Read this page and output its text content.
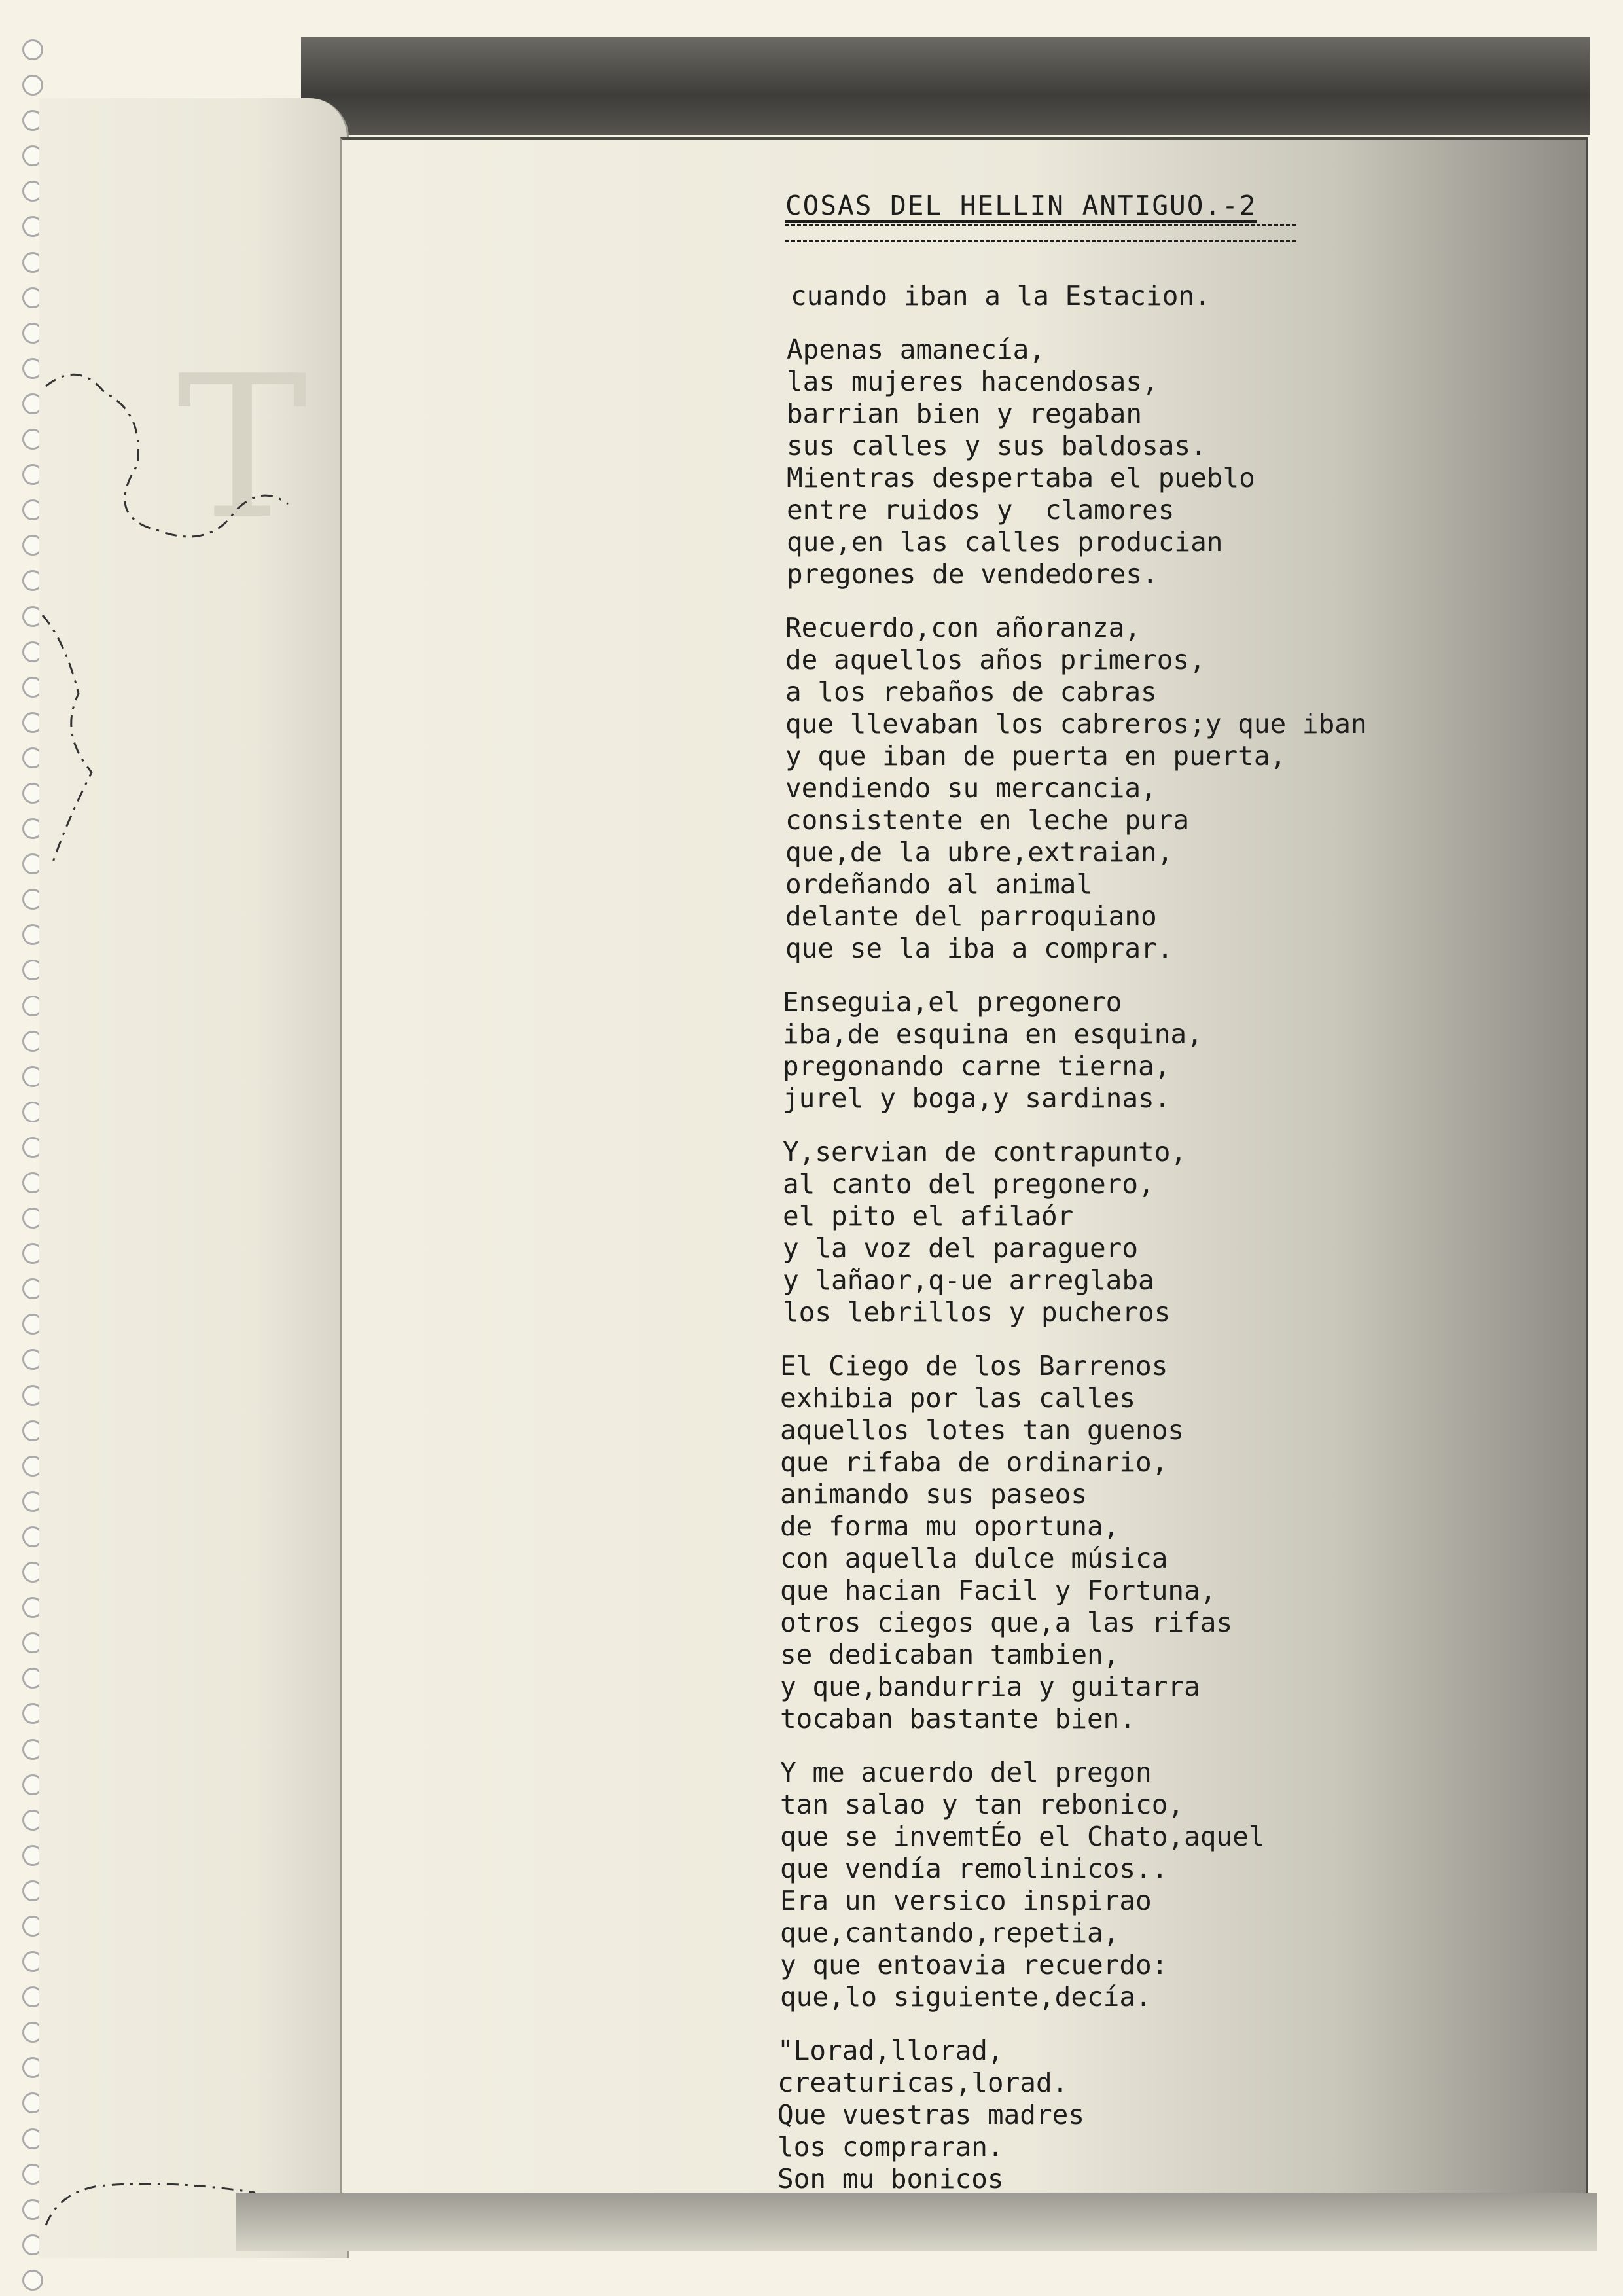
T
COSAS DEL HELLIN ANTIGUO.-2
cuando iban a la Estacion.
Apenas amanecía,
las mujeres hacendosas,
barrian bien y regaban
sus calles y sus baldosas.
Mientras despertaba el pueblo
entre ruidos y  clamores
que,en las calles producian
pregones de vendedores.
Recuerdo,con añoranza,
de aquellos años primeros,
a los rebaños de cabras
que llevaban los cabreros;y que iban
y que iban de puerta en puerta,
vendiendo su mercancia,
consistente en leche pura
que,de la ubre,extraian,
ordeñando al animal
delante del parroquiano
que se la iba a comprar.
Enseguia,el pregonero
iba,de esquina en esquina,
pregonando carne tierna,
jurel y boga,y sardinas.
Y,servian de contrapunto,
al canto del pregonero,
el pito el afilaór
y la voz del paraguero
y lañaor,q-ue arreglaba
los lebrillos y pucheros
El Ciego de los Barrenos
exhibia por las calles
aquellos lotes tan guenos
que rifaba de ordinario,
animando sus paseos
de forma mu oportuna,
con aquella dulce música
que hacian Facil y Fortuna,
otros ciegos que,a las rifas
se dedicaban tambien,
y que,bandurria y guitarra
tocaban bastante bien.
Y me acuerdo del pregon
tan salao y tan rebonico,
que se invemtÉo el Chato,aquel
que vendía remolinicos..
Era un versico inspirao
que,cantando,repetia,
y que entoavia recuerdo:
que,lo siguiente,decía.
"Lorad,llorad,
creaturicas,lorad.
Que vuestras madres
los compraran.
Son mu bonicos
